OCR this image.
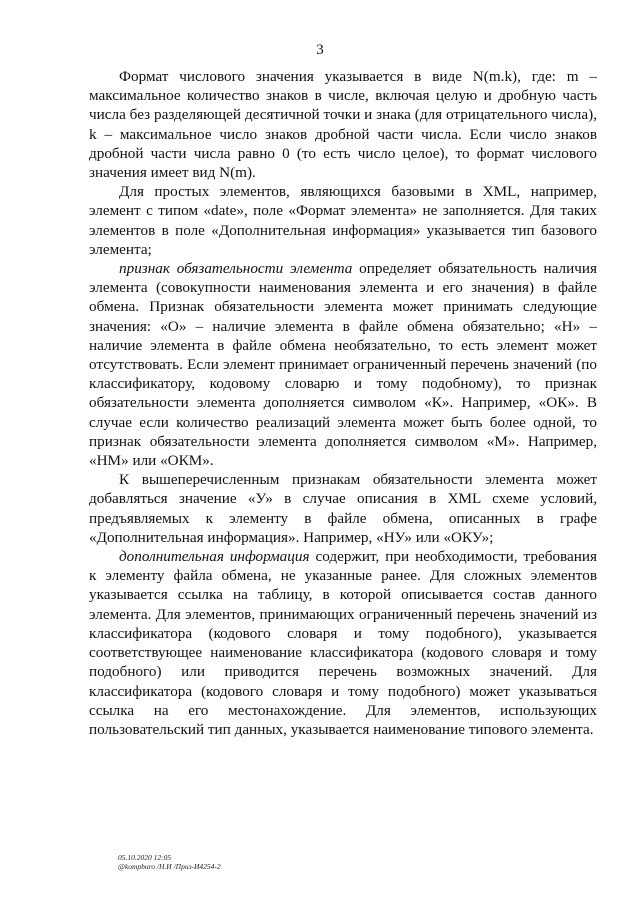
3

Формат числового значения указывается в виде N(m.k), где: m – максимальное количество знаков в числе, включая целую и дробную часть числа без разделяющей десятичной точки и знака (для отрицательного числа), k – максимальное число знаков дробной части числа. Если число знаков дробной части числа равно 0 (то есть число целое), то формат числового значения имеет вид N(m).

Для простых элементов, являющихся базовыми в XML, например, элемент с типом «date», поле «Формат элемента» не заполняется. Для таких элементов в поле «Дополнительная информация» указывается тип базового элемента;

признак обязательности элемента определяет обязательность наличия элемента (совокупности наименования элемента и его значения) в файле обмена. Признак обязательности элемента может принимать следующие значения: «О» – наличие элемента в файле обмена обязательно; «Н» – наличие элемента в файле обмена необязательно, то есть элемент может отсутствовать. Если элемент принимает ограниченный перечень значений (по классификатору, кодовому словарю и тому подобному), то признак обязательности элемента дополняется символом «К». Например, «ОК». В случае если количество реализаций элемента может быть более одной, то признак обязательности элемента дополняется символом «М». Например, «НМ» или «ОКМ».

К вышеперечисленным признакам обязательности элемента может добавляться значение «У» в случае описания в XML схеме условий, предъявляемых к элементу в файле обмена, описанных в графе «Дополнительная информация». Например, «НУ» или «ОКУ»;

дополнительная информация содержит, при необходимости, требования к элементу файла обмена, не указанные ранее. Для сложных элементов указывается ссылка на таблицу, в которой описывается состав данного элемента. Для элементов, принимающих ограниченный перечень значений из классификатора (кодового словаря и тому подобного), указывается соответствующее наименование классификатора (кодового словаря и тому подобного) или приводится перечень возможных значений. Для классификатора (кодового словаря и тому подобного) может указываться ссылка на его местонахождение. Для элементов, использующих пользовательский тип данных, указывается наименование типового элемента.

05.10.2020 12:05
@kompburo /Н.И /Приз-И4254-2
